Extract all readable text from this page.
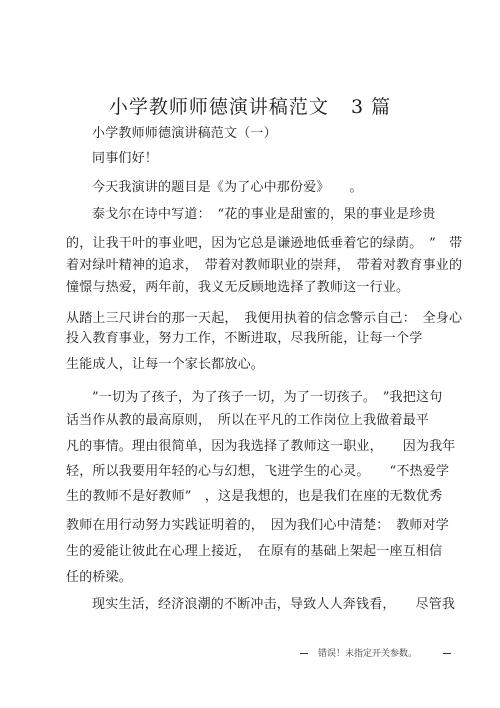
小学教师师德演讲稿范文 3 篇
小学教师师德演讲稿范文（一）
同事们好！
今天我演讲的题目是《为了心中那份爱》　　。
泰戈尔在诗中写道：　“花的事业是甜蜜的，果的事业是珍贵
的，让我干叶的事业吧，因为它总是谦逊地低垂着它的绿荫。　”　带
着对绿叶精神的追求，　带着对教师职业的崇拜，　带着对教育事业的
憧憬与热爱，两年前，我义无反顾地选择了教师这一行业。
从踏上三尺讲台的那一天起，　我便用执着的信念警示自己：　全身心
投入教育事业，努力工作，不断进取，尽我所能，让每一个学
生能成人，让每一个家长都放心。
”一切为了孩子，为了孩子一切，为了一切孩子。　”我把这句
话当作从教的最高原则，　所以在平凡的工作岗位上我做着最平
凡的事情。理由很简单，因为我选择了教师这一职业，　　因为我年
轻，所以我要用年轻的心与幻想，飞进学生的心灵。　　“不热爱学
生的教师不是好教师”　，这是我想的，也是我们在座的无数优秀
教师在用行动努力实践证明着的，　因为我们心中清楚：　教师对学
生的爱能让彼此在心理上接近，　在原有的基础上架起一座互相信
任的桥梁。
现实生活，经济浪潮的不断冲击，导致人人奔钱看，　　尽管我
错误！未指定开关参数。
